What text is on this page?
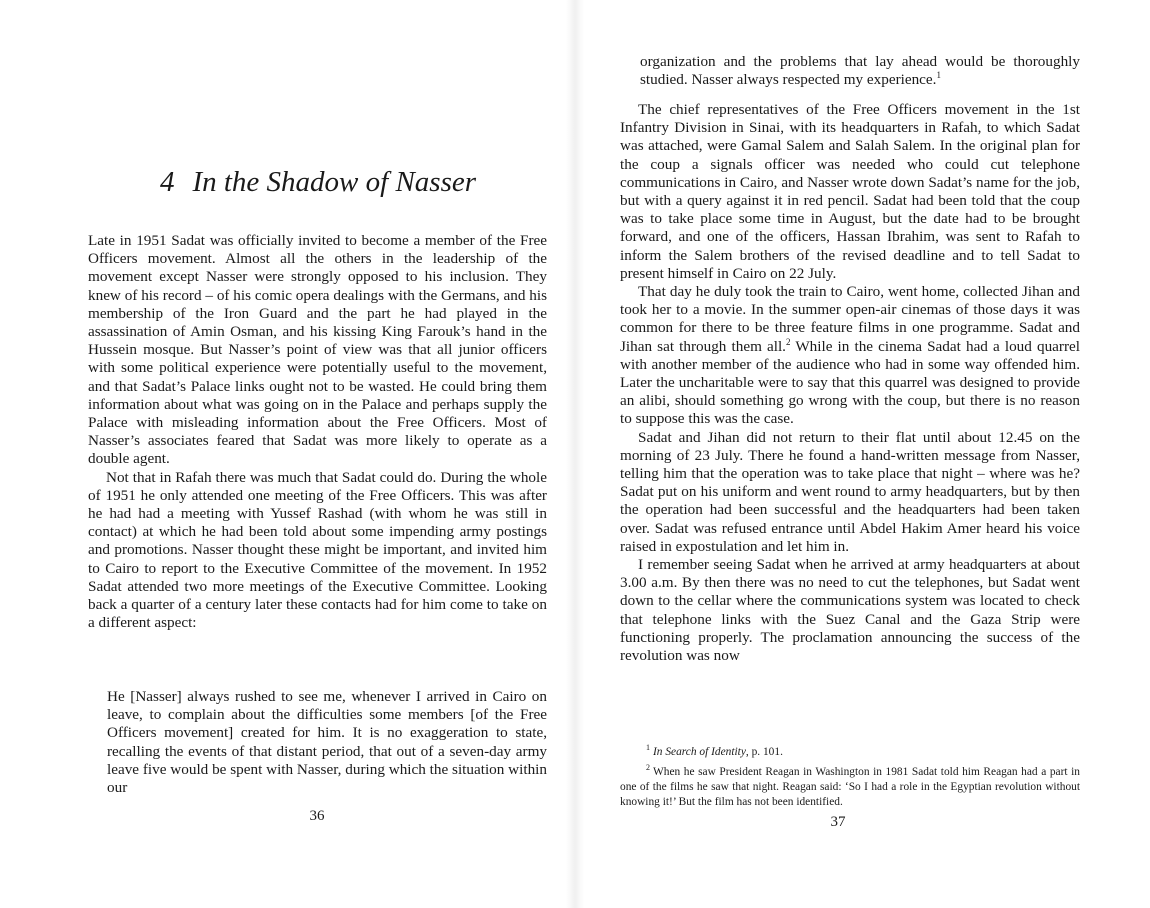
4 In the Shadow of Nasser

Late in 1951 Sadat was officially invited to become a member of the Free Officers movement. Almost all the others in the leadership of the movement except Nasser were strongly opposed to his inclusion. They knew of his record – of his comic opera dealings with the Germans, and his membership of the Iron Guard and the part he had played in the assassination of Amin Osman, and his kissing King Farouk’s hand in the Hussein mosque. But Nasser’s point of view was that all junior officers with some political experience were potentially useful to the movement, and that Sadat’s Palace links ought not to be wasted. He could bring them information about what was going on in the Palace and perhaps supply the Palace with misleading information about the Free Officers. Most of Nasser’s associates feared that Sadat was more likely to operate as a double agent.

Not that in Rafah there was much that Sadat could do. During the whole of 1951 he only attended one meeting of the Free Officers. This was after he had had a meeting with Yussef Rashad (with whom he was still in contact) at which he had been told about some impending army postings and promotions. Nasser thought these might be important, and invited him to Cairo to report to the Executive Committee of the movement. In 1952 Sadat attended two more meetings of the Executive Committee. Looking back a quarter of a century later these contacts had for him come to take on a different aspect:

He [Nasser] always rushed to see me, whenever I arrived in Cairo on leave, to complain about the difficulties some members [of the Free Officers movement] created for him. It is no exaggeration to state, recalling the events of that distant period, that out of a seven-day army leave five would be spent with Nasser, during which the situation within our

36

organization and the problems that lay ahead would be thoroughly studied. Nasser always respected my experience.$^1$

The chief representatives of the Free Officers movement in the 1st Infantry Division in Sinai, with its headquarters in Rafah, to which Sadat was attached, were Gamal Salem and Salah Salem. In the original plan for the coup a signals officer was needed who could cut telephone communications in Cairo, and Nasser wrote down Sadat’s name for the job, but with a query against it in red pencil. Sadat had been told that the coup was to take place some time in August, but the date had to be brought forward, and one of the officers, Hassan Ibrahim, was sent to Rafah to inform the Salem brothers of the revised deadline and to tell Sadat to present himself in Cairo on 22 July.

That day he duly took the train to Cairo, went home, collected Jihan and took her to a movie. In the summer open-air cinemas of those days it was common for there to be three feature films in one programme. Sadat and Jihan sat through them all.$^2$ While in the cinema Sadat had a loud quarrel with another member of the audience who had in some way offended him. Later the uncharitable were to say that this quarrel was designed to provide an alibi, should something go wrong with the coup, but there is no reason to suppose this was the case.

Sadat and Jihan did not return to their flat until about 12.45 on the morning of 23 July. There he found a hand-written message from Nasser, telling him that the operation was to take place that night – where was he? Sadat put on his uniform and went round to army headquarters, but by then the operation had been successful and the headquarters had been taken over. Sadat was refused entrance until Abdel Hakim Amer heard his voice raised in expostulation and let him in.

I remember seeing Sadat when he arrived at army headquarters at about 3.00 a.m. By then there was no need to cut the telephones, but Sadat went down to the cellar where the communications system was located to check that telephone links with the Suez Canal and the Gaza Strip were functioning properly. The proclamation announcing the success of the revolution was now

$^1$ In Search of Identity, p. 101.

$^2$ When he saw President Reagan in Washington in 1981 Sadat told him Reagan had a part in one of the films he saw that night. Reagan said: ‘So I had a role in the Egyptian revolution without knowing it!’ But the film has not been identified.

37
